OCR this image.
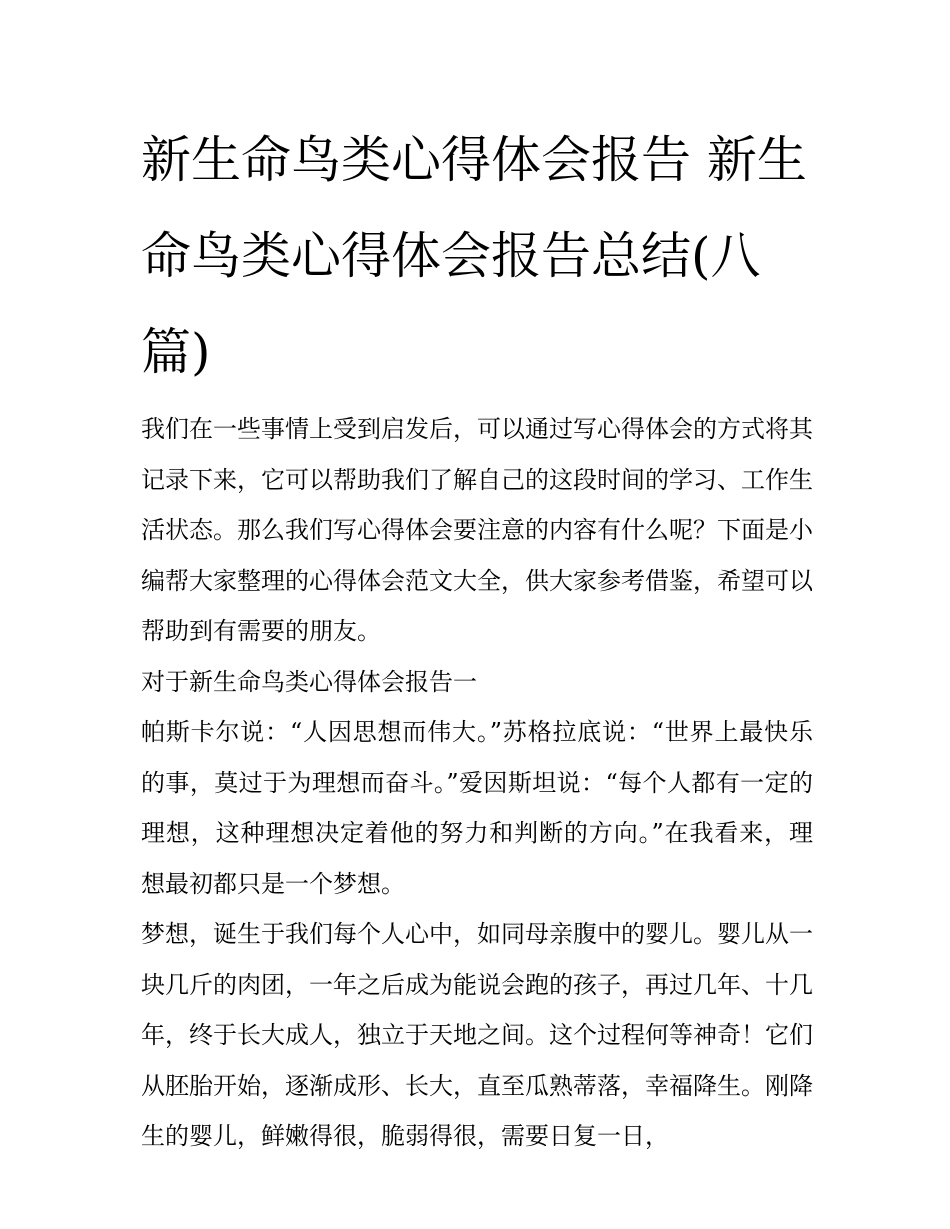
新生命鸟类心得体会报告 新生命鸟类心得体会报告总结(八篇)

我们在一些事情上受到启发后，可以通过写心得体会的方式将其记录下来，它可以帮助我们了解自己的这段时间的学习、工作生活状态。那么我们写心得体会要注意的内容有什么呢？下面是小编帮大家整理的心得体会范文大全，供大家参考借鉴，希望可以帮助到有需要的朋友。

对于新生命鸟类心得体会报告一

帕斯卡尔说：“人因思想而伟大。”苏格拉底说：“世界上最快乐的事，莫过于为理想而奋斗。”爱因斯坦说：“每个人都有一定的理想，这种理想决定着他的努力和判断的方向。”在我看来，理想最初都只是一个梦想。

梦想，诞生于我们每个人心中，如同母亲腹中的婴儿。婴儿从一块几斤的肉团，一年之后成为能说会跑的孩子，再过几年、十几年，终于长大成人，独立于天地之间。这个过程何等神奇！它们从胚胎开始，逐渐成形、长大，直至瓜熟蒂落，幸福降生。刚降生的婴儿，鲜嫩得很，脆弱得很，需要日复一日，
